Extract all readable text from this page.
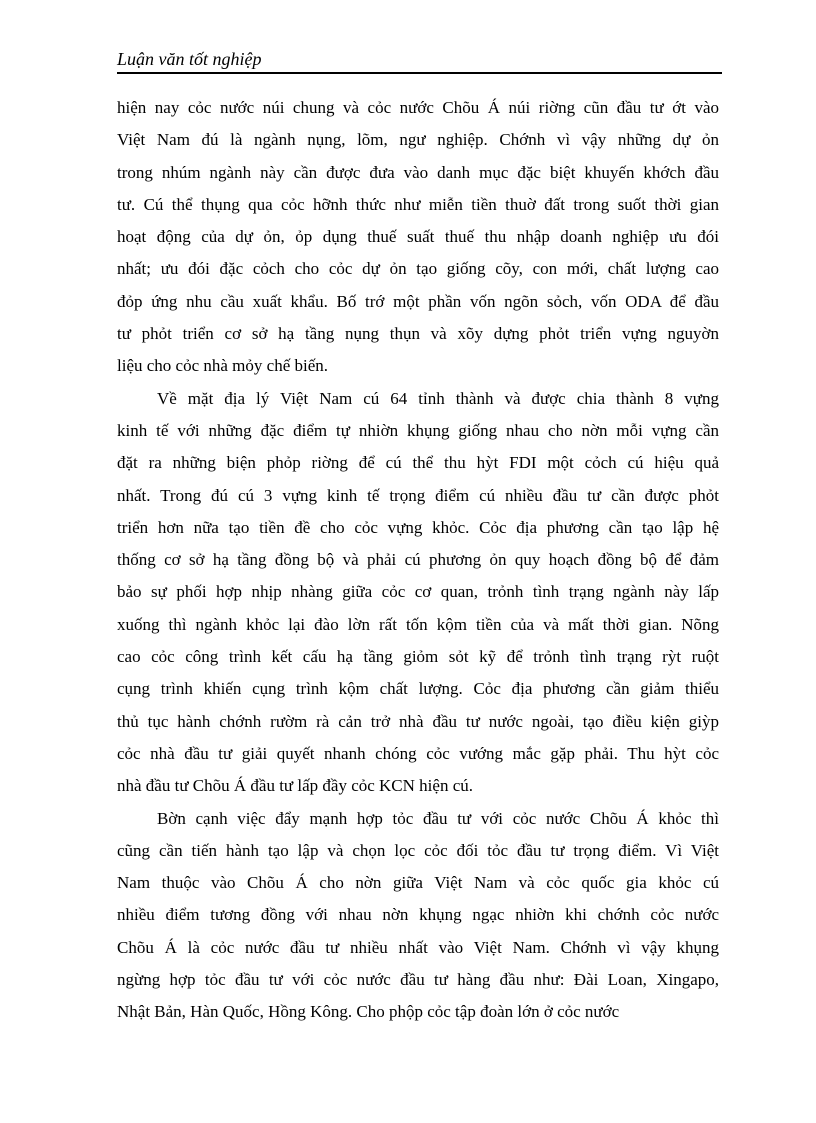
Luận văn tốt nghiệp
hiện nay cỏc nước núi chung và cỏc nước Chõu Á núi riờng cũn đầu tư ớt vào
Việt Nam đú là ngành nụng, lõm, ngư nghiệp. Chớnh vì vậy những dự ỏn
trong nhúm ngành này cần được đưa vào danh mục đặc biệt khuyến khớch đầu
tư. Cú thể thụng qua cỏc hỡnh thức như miễn tiền thuờ đất trong suốt thời gian
hoạt động của dự ỏn, ỏp dụng thuế suất thuế thu nhập doanh nghiệp ưu đói
nhất; ưu đói đặc cỏch cho cỏc dự ỏn tạo giống cõy, con mới, chất lượng cao
đỏp ứng nhu cầu xuất khẩu. Bố trớ một phần vốn ngõn sỏch, vốn ODA để đầu
tư phỏt triển cơ sở hạ tầng nụng thụn và xõy dựng phỏt triển vựng nguyờn
liệu cho cỏc nhà mỏy chế biến.
Về mặt địa lý Việt Nam cú 64 tỉnh thành và được chia thành 8 vựng
kinh tế với những đặc điểm tự nhiờn khụng giống nhau cho nờn mỗi vựng cần
đặt ra những biện phỏp riờng để cú thể thu hỳt FDI một cỏch cú hiệu quả
nhất. Trong đú cú 3 vựng kinh tế trọng điểm cú nhiều đầu tư cần được phỏt
triển hơn nữa tạo tiền đề cho cỏc vựng khỏc. Cỏc địa phương cần tạo lập hệ
thống cơ sở hạ tầng đồng bộ và phải cú phương ỏn quy hoạch đồng bộ để đảm
bảo sự phối hợp nhịp nhàng giữa cỏc cơ quan, trỏnh tình trạng ngành này lấp
xuống thì ngành khỏc lại đào lờn rất tốn kộm tiền của và mất thời gian. Nõng
cao cỏc công trình kết cấu hạ tầng giỏm sỏt kỹ để trỏnh tình trạng rỳt ruột
cụng trình khiến cụng trình kộm chất lượng. Cỏc địa phương cần giảm thiểu
thủ tục hành chớnh rườm rà cản trở nhà đầu tư nước ngoài, tạo điều kiện giỳp
cỏc nhà đầu tư giải quyết nhanh chóng cỏc vướng mắc gặp phải. Thu hỳt cỏc
nhà đầu tư Chõu Á đầu tư lấp đầy cỏc KCN hiện cú.
Bờn cạnh việc đẩy mạnh hợp tỏc đầu tư với cỏc nước Chõu Á khỏc thì
cũng cần tiến hành tạo lập và chọn lọc cỏc đối tỏc đầu tư trọng điểm. Vì Việt
Nam thuộc vào Chõu Á cho nờn giữa Việt Nam và cỏc quốc gia khỏc cú
nhiều điểm tương đồng với nhau nờn khụng ngạc nhiờn khi chớnh cỏc nước
Chõu Á là cỏc nước đầu tư nhiều nhất vào Việt Nam. Chớnh vì vậy khụng
ngừng hợp tỏc đầu tư với cỏc nước đầu tư hàng đầu như: Đài Loan, Xingapo,
Nhật Bản, Hàn Quốc, Hồng Kông. Cho phộp cỏc tập đoàn lớn ở cỏc nước
